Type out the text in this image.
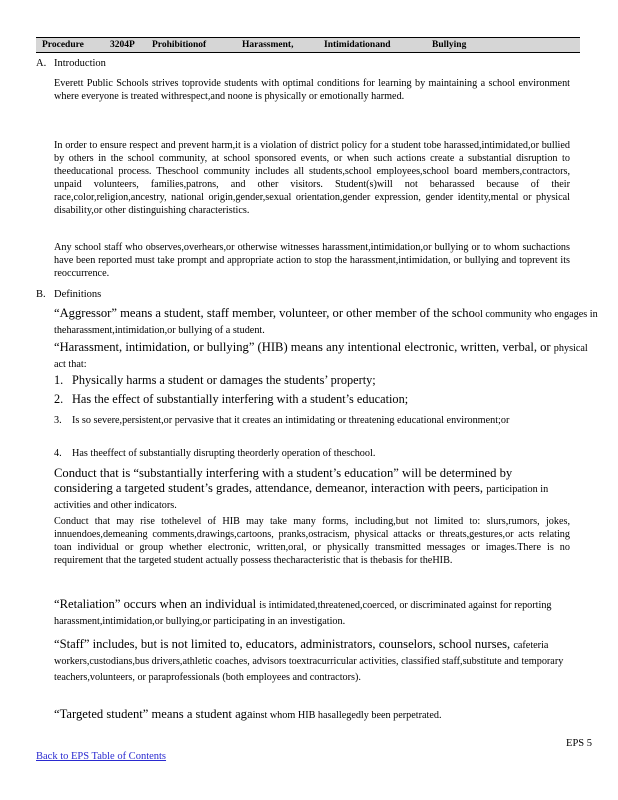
Procedure	3204P Prohibitionof	Harassment,	Intimidationand	Bullying
A. Introduction
Everett Public Schools strives toprovide students with optimal conditions for learning by maintaining a school environment where everyone is treated withrespect,and noone is physically or emotionally harmed.
In order to ensure respect and prevent harm,it is a violation of district policy for a student tobe harassed,intimidated,or bullied by others in the school community, at school sponsored events, or when such actions create a substantial disruption to theeducational process. Theschool community includes all students,school employees,school board members,contractors, unpaid volunteers, families,patrons, and other visitors. Student(s)will not beharassed because of their race,color,religion,ancestry, national origin,gender,sexual orientation,gender expression, gender identity,mental or physical disability,or other distinguishing characteristics.
Any school staff who observes,overhears,or otherwise witnesses harassment,intimidation,or bullying or to whom suchactions have been reported must take prompt and appropriate action to stop the harassment,intimidation, or bullying and toprevent its reoccurrence.
B. Definitions
“Aggressor” means a student, staff member, volunteer, or other member of the school community who engages in theharassment,intimidation,or bullying of a student.
“Harassment, intimidation, or bullying” (HIB) means any intentional electronic, written, verbal, or physical act that:
1. Physically harms a student or damages the students’ property;
2. Has the effect of substantially interfering with a student’s education;
3. Is so severe,persistent,or pervasive that it creates an intimidating or threatening educational environment;or
4. Has theeffect of substantially disrupting theorderly operation of theschool.
Conduct that is “substantially interfering with a student’s education” will be determined by considering a targeted student’s grades, attendance, demeanor, interaction with peers, participation in activities and other indicators.
Conduct that may rise tothelevel of HIB may take many forms, including,but not limited to: slurs,rumors, jokes, innuendoes,demeaning comments,drawings,cartoons, pranks,ostracism, physical attacks or threats,gestures,or acts relating toan individual or group whether electronic, written,oral, or physically transmitted messages or images.There is no requirement that the targeted student actually possess thecharacteristic that is thebasis for theHIB.
“Retaliation” occurs when an individual is intimidated,threatened,coerced, or discriminated against for reporting harassment,intimidation,or bullying,or participating in an investigation.
“Staff” includes, but is not limited to, educators, administrators, counselors, school nurses, cafeteria workers,custodians,bus drivers,athletic coaches, advisors toextracurricular activities, classified staff,substitute and temporary teachers,volunteers, or paraprofessionals (both employees and contractors).
“Targeted student” means a student against whom HIB hasallegedly been perpetrated.
EPS 5
Back to EPS Table of Contents
